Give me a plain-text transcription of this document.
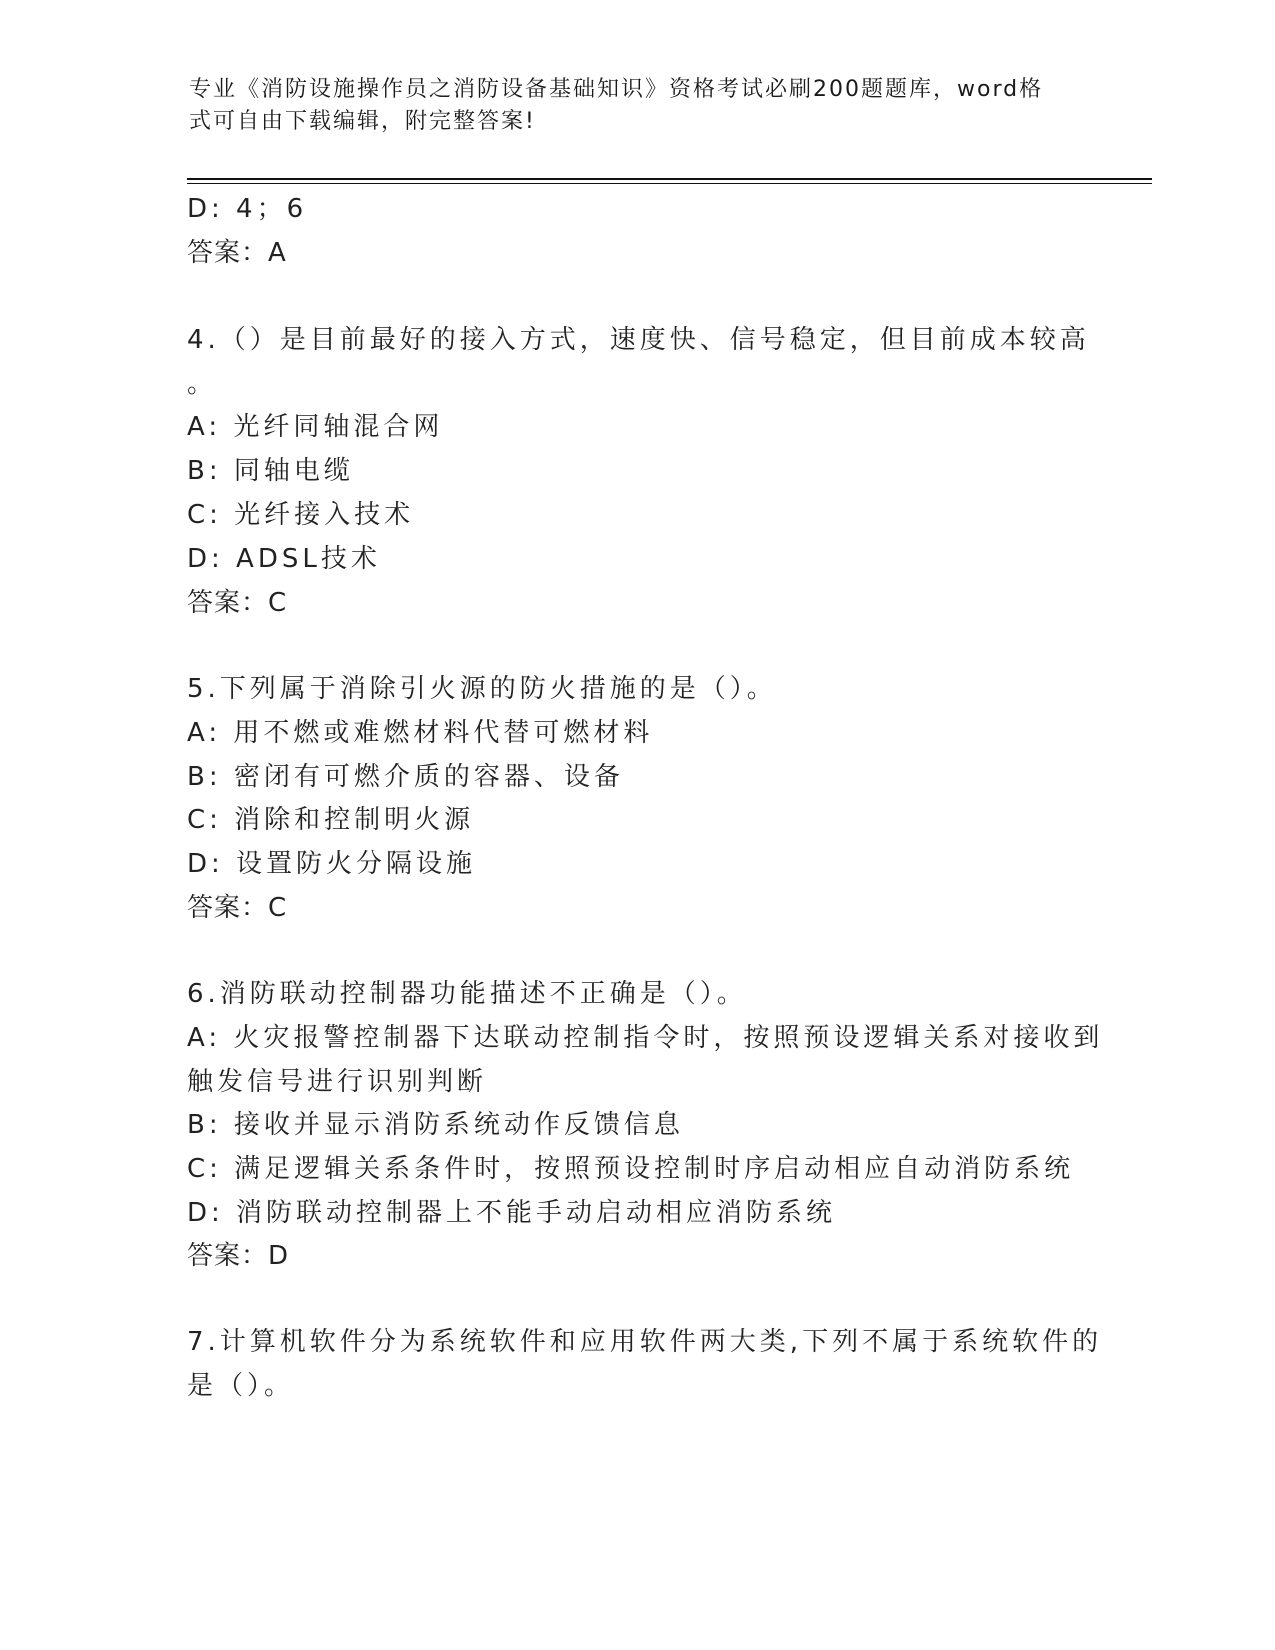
专业《消防设施操作员之消防设备基础知识》资格考试必刷200题题库，word格
式可自由下载编辑，附完整答案!
D: 4；6
答案：A
4.（）是目前最好的接入方式，速度快、信号稳定，但目前成本较高
。
A: 光纤同轴混合网
B: 同轴电缆
C: 光纤接入技术
D: ADSL技术
答案：C
5.下列属于消除引火源的防火措施的是（）。
A: 用不燃或难燃材料代替可燃材料
B: 密闭有可燃介质的容器、设备
C: 消除和控制明火源
D: 设置防火分隔设施
答案：C
6.消防联动控制器功能描述不正确是（）。
A: 火灾报警控制器下达联动控制指令时，按照预设逻辑关系对接收到
触发信号进行识别判断
B: 接收并显示消防系统动作反馈信息
C: 满足逻辑关系条件时，按照预设控制时序启动相应自动消防系统
D: 消防联动控制器上不能手动启动相应消防系统
答案：D
7.计算机软件分为系统软件和应用软件两大类,下列不属于系统软件的
是（）。
